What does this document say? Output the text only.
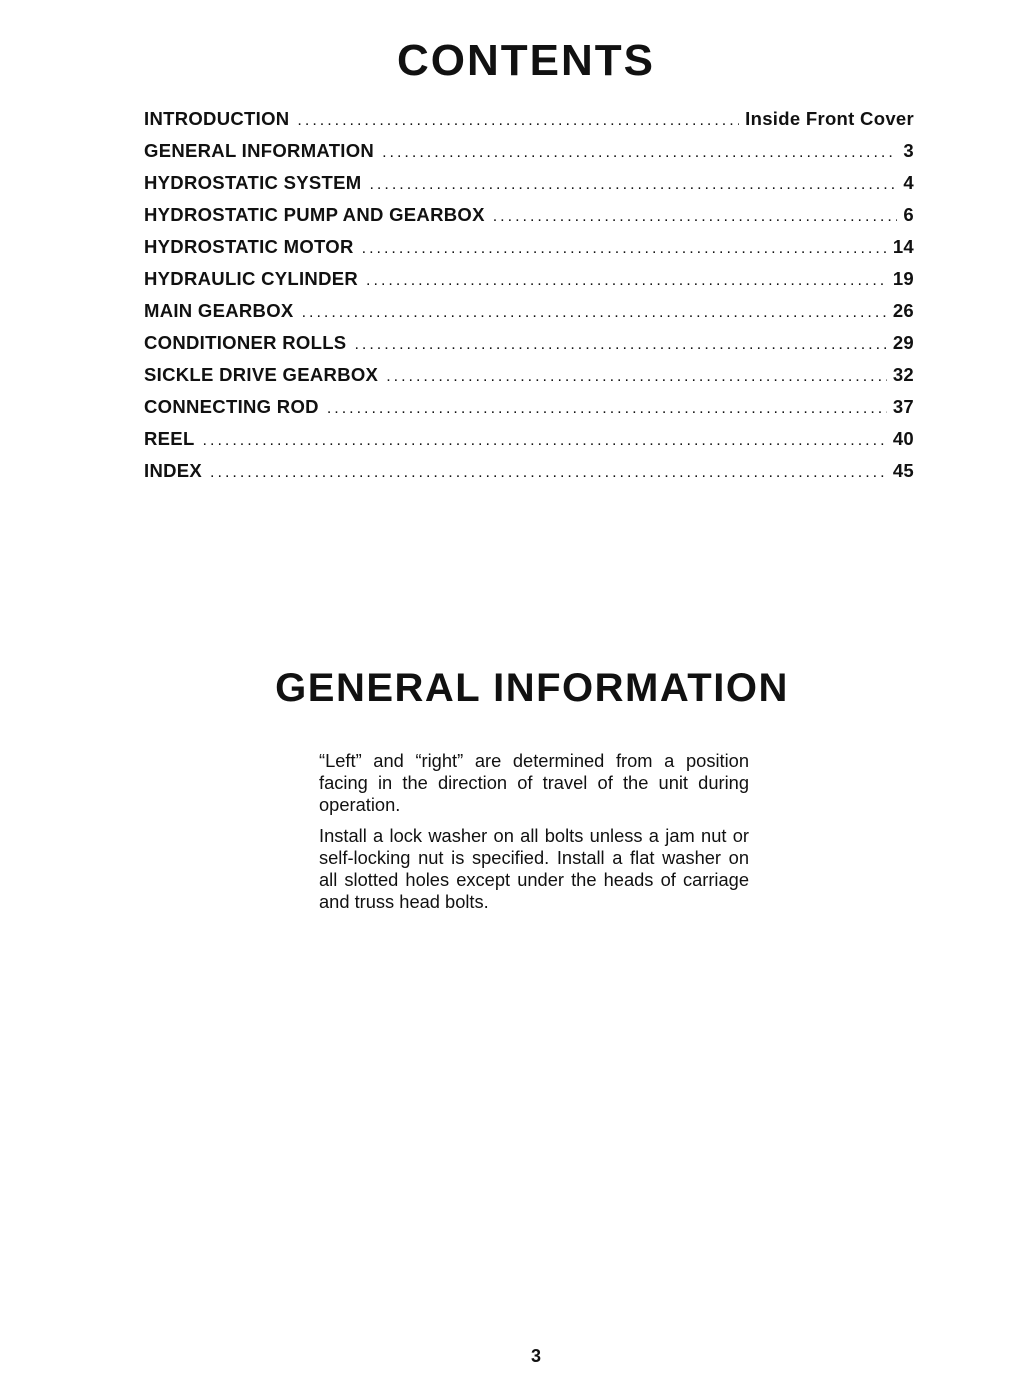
CONTENTS
INTRODUCTION .....	Inside Front Cover
GENERAL INFORMATION .....	3
HYDROSTATIC SYSTEM .....	4
HYDROSTATIC PUMP AND GEARBOX .....	6
HYDROSTATIC MOTOR .....	14
HYDRAULIC CYLINDER .....	19
MAIN GEARBOX .....	26
CONDITIONER ROLLS .....	29
SICKLE DRIVE GEARBOX .....	32
CONNECTING ROD .....	37
REEL .....	40
INDEX .....	45
GENERAL INFORMATION

“Left” and “right” are determined from a position facing in the direction of travel of the unit during operation.

Install a lock washer on all bolts unless a jam nut or self-locking nut is specified. Install a flat washer on all slotted holes except under the heads of carriage and truss head bolts.

3
